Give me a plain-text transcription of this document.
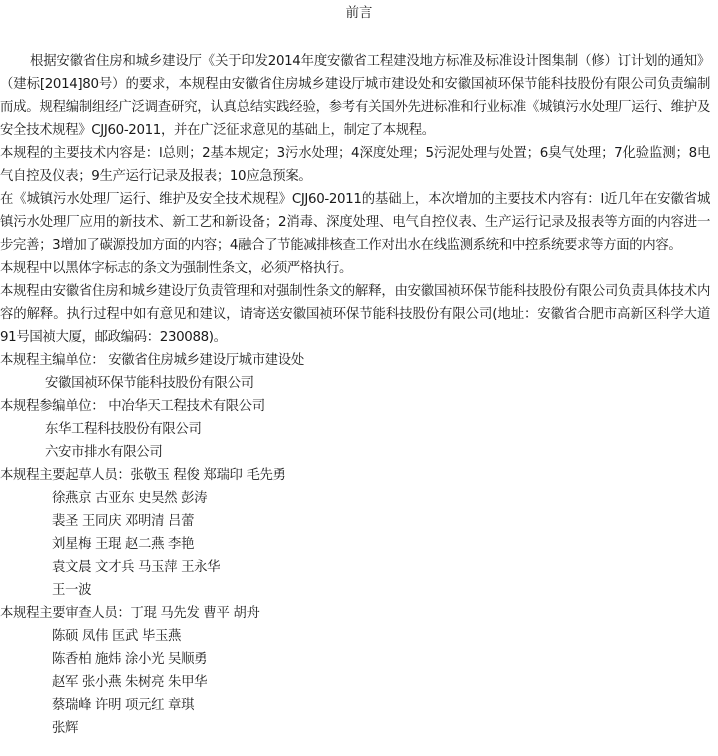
前言

根据安徽省住房和城乡建设厅《关于印发2014年度安徽省工程建没地方标准及标准设计图集制（修）订计划的通知》（建标[2014]80号）的要求，本规程由安徽省住房城乡建设厅城市建设处和安徽国祯环保节能科技股份有限公司负责编制而成。规程编制组经广泛调查研究，认真总结实践经验，参考有关国外先进标准和行业标准《城镇污水处理厂运行、维护及安全技术规程》CJJ60-2011，并在广泛征求意见的基础上，制定了本规程。

本规程的主要技术内容是：l总则；2基本规定；3污水处理；4深度处理；5污泥处理与处置；6臭气处理；7化验监测；8电气自控及仪表；9生产运行记录及报表；10应急预案。

在《城镇污水处理厂运行、维护及安全技术规程》CJJ60-2011的基础上，本次增加的主要技术内容有：l近几年在安徽省城镇污水处理厂应用的新技术、新工艺和新设备；2消毒、深度处理、电气自控仪表、生产运行记录及报表等方面的内容进一步完善；3增加了碳源投加方面的内容；4融合了节能减排核查工作对出水在线监测系统和中控系统要求等方面的内容。

本规程中以黑体字标志的条文为强制性条文，必须严格执行。

本规程由安徽省住房和城乡建设厅负责管理和对强制性条文的解释，由安徽国祯环保节能科技股份有限公司负责具体技术内容的解释。执行过程中如有意见和建议，请寄送安徽国祯环保节能科技股份有限公司(地址：安徽省合肥市高新区科学大道91号国祯大厦，邮政编码：230088)。

本规程主编单位： 安徽省住房城乡建设厅城市建设处

安徽国祯环保节能科技股份有限公司

本规程参编单位： 中冶华天工程技术有限公司

东华工程科技股份有限公司

六安市排水有限公司

本规程主要起草人员：张敬玉 程俊 郑瑞印 毛先勇

徐燕京 古亚东 史昊然 彭涛

裴圣 王同庆 邓明清 吕蕾

刘星梅 王琨 赵二燕 李艳

袁文晨 文才兵 马玉萍 王永华

王一波

本规程主要审查人员：丁琨 马先发 曹平 胡舟

陈硕 凤伟 匡武 毕玉燕

陈香柏 施炜 涂小光 吴顺勇

赵军 张小燕 朱树亮 朱甲华

蔡瑞峰 许明 项元红 章琪

张辉
